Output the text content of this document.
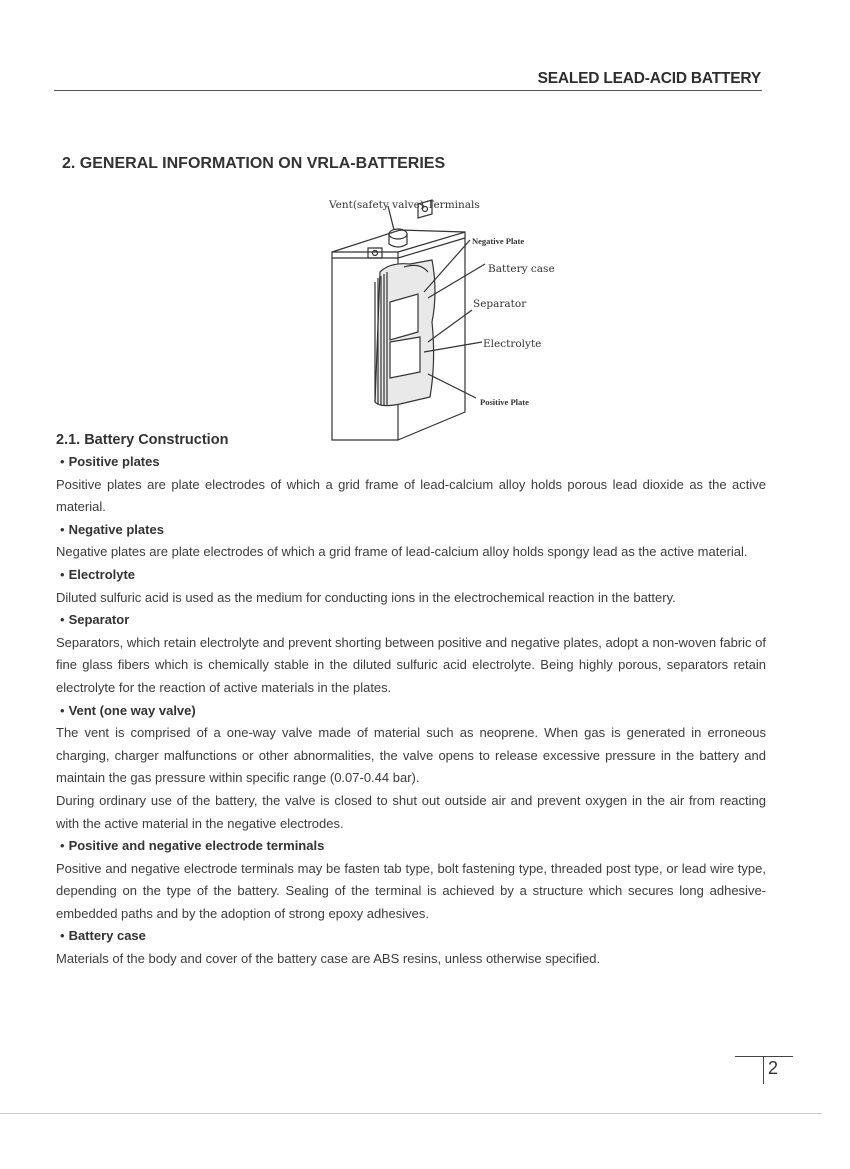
SEALED LEAD-ACID BATTERY
2. GENERAL INFORMATION ON VRLA-BATTERIES
Vent(safety valve) Terminals
Negative Plate
Battery case
Separator
Electrolyte
Positive Plate
2.1. Battery Construction
• Positive plates
Positive plates are plate electrodes of which a grid frame of lead-calcium alloy holds porous lead dioxide as the active material.
• Negative plates
Negative plates are plate electrodes of which a grid frame of lead-calcium alloy holds spongy lead as the active material.
• Electrolyte
Diluted sulfuric acid is used as the medium for conducting ions in the electrochemical reaction in the battery.
• Separator
Separators, which retain electrolyte and prevent shorting between positive and negative plates, adopt a non-woven fabric of fine glass fibers which is chemically stable in the diluted sulfuric acid electrolyte. Being highly porous, separators retain electrolyte for the reaction of active materials in the plates.
• Vent (one way valve)
The vent is comprised of a one-way valve made of material such as neoprene. When gas is generated in erroneous charging, charger malfunctions or other abnormalities, the valve opens to release excessive pressure in the battery and maintain the gas pressure within specific range (0.07-0.44 bar).
During ordinary use of the battery, the valve is closed to shut out outside air and prevent oxygen in the air from reacting with the active material in the negative electrodes.
• Positive and negative electrode terminals
Positive and negative electrode terminals may be fasten tab type, bolt fastening type, threaded post type, or lead wire type, depending on the type of the battery. Sealing of the terminal is achieved by a structure which secures long adhesive-embedded paths and by the adoption of strong epoxy adhesives.
• Battery case
Materials of the body and cover of the battery case are ABS resins, unless otherwise specified.
2
